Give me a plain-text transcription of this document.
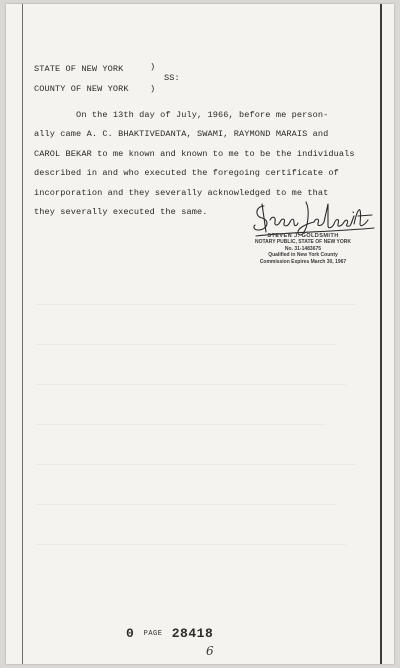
STATE OF NEW YORK	)
SS:
COUNTY OF NEW YORK )
On the 13th day of July, 1966, before me person-
ally came A. C. BHAKTIVEDANTA, SWAMI, RAYMOND MARAIS and
CAROL BEKAR to me known and known to me to be the individuals
described in and who executed the foregoing certificate of
incorporation and they severally acknowledged to me that
they severally executed the same.
STEVEN J. GOLDSMITH
NOTARY PUBLIC, STATE OF NEW YORK
No. 31-1483675
Qualified in New York County
Commission Expires March 30, 1967
0 PAGE 28418
6
